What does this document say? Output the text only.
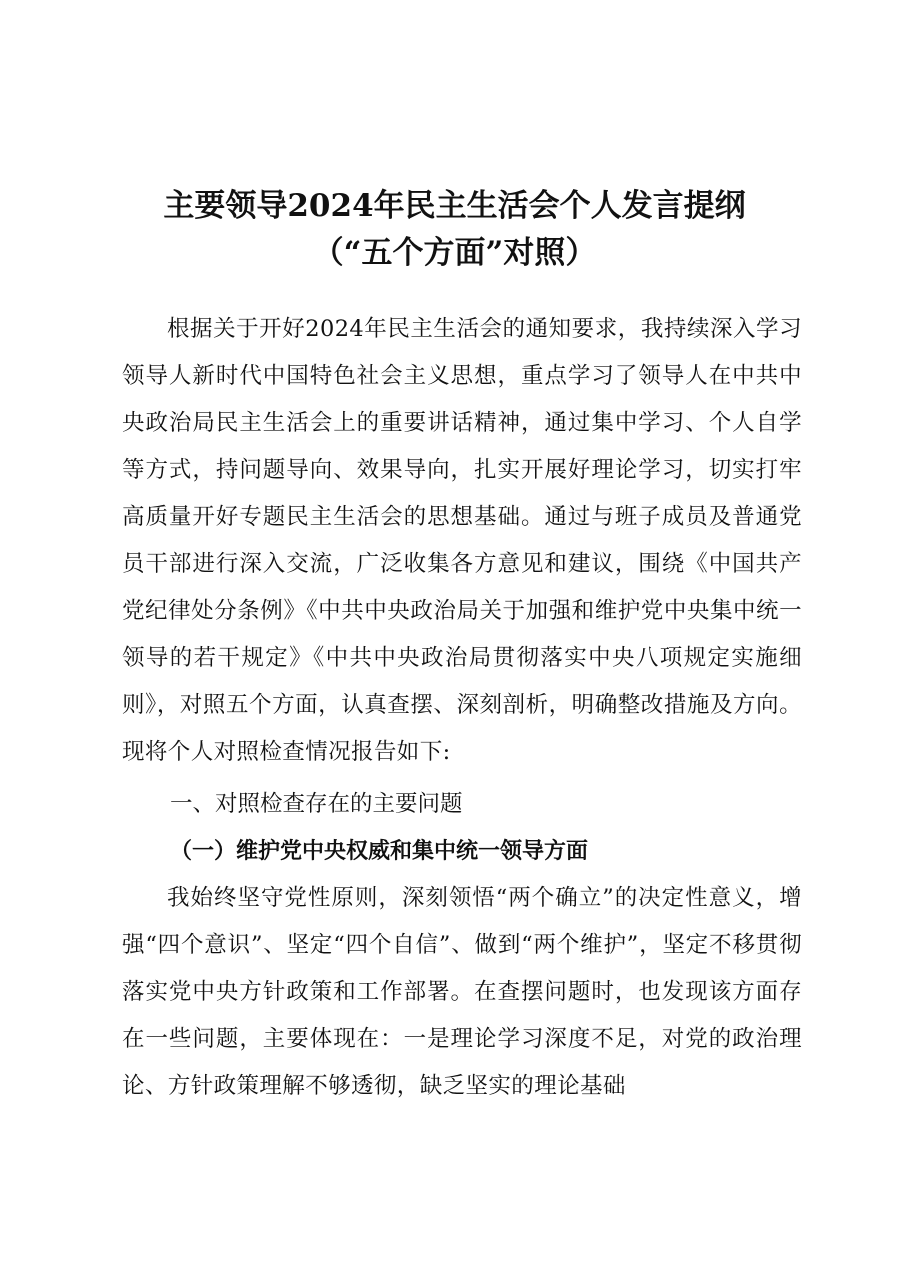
主要领导2024年民主生活会个人发言提纲
（“五个方面”对照）
根据关于开好2024年民主生活会的通知要求，我持续深入学习领导人新时代中国特色社会主义思想，重点学习了领导人在中共中央政治局民主生活会上的重要讲话精神，通过集中学习、个人自学等方式，持问题导向、效果导向，扎实开展好理论学习，切实打牢高质量开好专题民主生活会的思想基础。通过与班子成员及普通党员干部进行深入交流，广泛收集各方意见和建议，围绕《中国共产党纪律处分条例》《中共中央政治局关于加强和维护党中央集中统一领导的若干规定》《中共中央政治局贯彻落实中央八项规定实施细则》，对照五个方面，认真查摆、深刻剖析，明确整改措施及方向。现将个人对照检查情况报告如下:
一、对照检查存在的主要问题
（一）维护党中央权威和集中统一领导方面
我始终坚守党性原则，深刻领悟“两个确立”的决定性意义，增强“四个意识”、坚定“四个自信”、做到“两个维护”，坚定不移贯彻落实党中央方针政策和工作部署。在查摆问题时，也发现该方面存在一些问题，主要体现在：一是理论学习深度不足，对党的政治理论、方针政策理解不够透彻，缺乏坚实的理论基础
